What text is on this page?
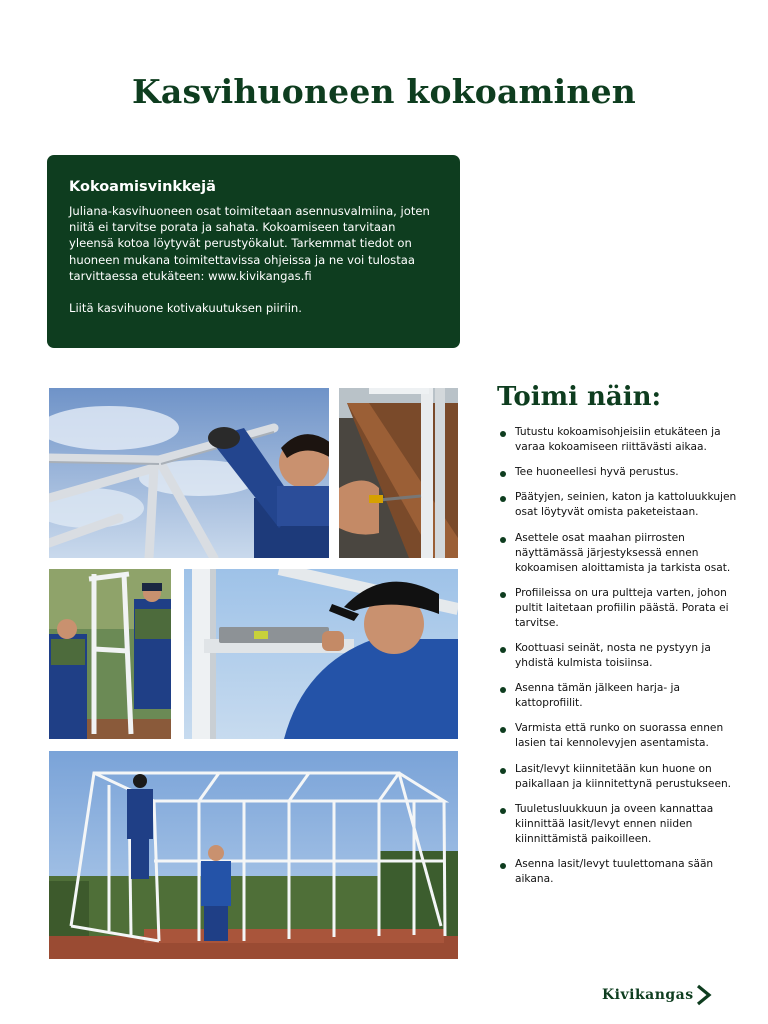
Kasvihuoneen kokoaminen
Kokoamisvinkkejä

Juliana-kasvihuoneen osat toimitetaan asennusvalmiina, joten niitä ei tarvitse porata ja sahata. Kokoamiseen tarvitaan yleensä kotoa löytyvät perustyökalut. Tarkemmat tiedot on huoneen mukana toimitettavissa ohjeissa ja ne voi tulostaa tarvittaessa etukäteen: www.kivikangas.fi

Liitä kasvihuone kotivakuutuksen piiriin.

Toimi näin:
Tutustu kokoamisohjeisiin etukäteen ja varaa kokoamiseen riittävästi aikaa.
Tee huoneellesi hyvä perustus.
Päätyjen, seinien, katon ja kattoluukkujen osat löytyvät omista paketeistaan.
Asettele osat maahan piirrosten näyttämässä järjestyksessä ennen kokoamisen aloittamista ja tarkista osat.
Profiileissa on ura pultteja varten, johon pultit laitetaan profiilin päästä. Porata ei tarvitse.
Koottuasi seinät, nosta ne pystyyn ja yhdistä kulmista toisiinsa.
Asenna tämän jälkeen harja- ja kattoprofiilit.
Varmista että runko on suorassa ennen lasien tai kennolevyjen asentamista.
Lasit/levyt kiinnitetään kun huone on paikallaan ja kiinnitettynä perustukseen.
Tuuletusluukkuun ja oveen kannattaa kiinnittää lasit/levyt ennen niiden kiinnittämistä paikoilleen.
Asenna lasit/levyt tuulettomana sään aikana.
Kivikangas
